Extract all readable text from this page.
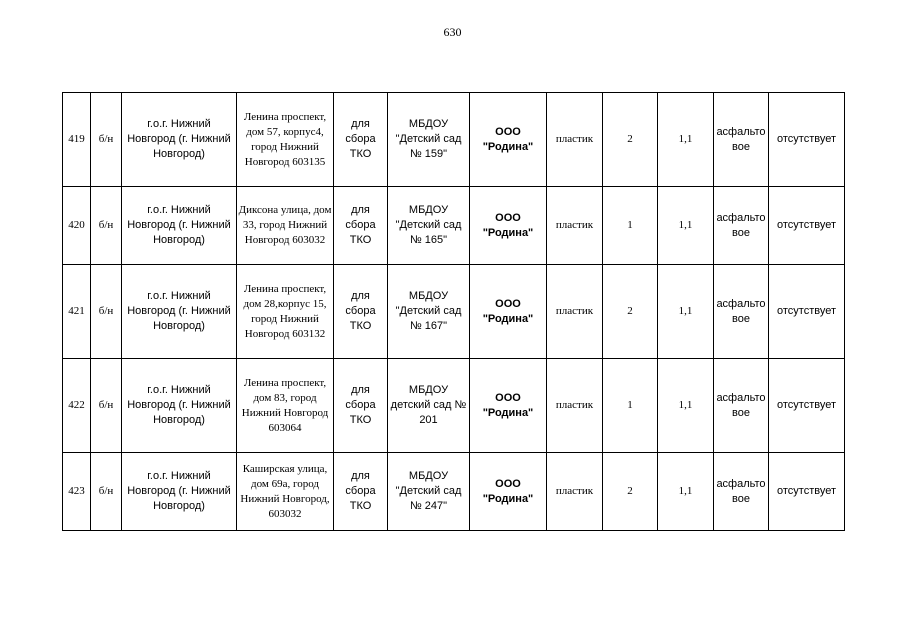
630
419	б/н	г.о.г. Нижний Новгород (г. Нижний Новгород)	Ленина проспект, дом 57, корпус4, город Нижний Новгород 603135	для сбора ТКО	МБДОУ "Детский сад № 159"	ООО "Родина"	пластик	2	1,1	асфальтовое	отсутствует
420	б/н	г.о.г. Нижний Новгород (г. Нижний Новгород)	Диксона улица, дом 33, город Нижний Новгород 603032	для сбора ТКО	МБДОУ "Детский сад № 165"	ООО "Родина"	пластик	1	1,1	асфальтовое	отсутствует
421	б/н	г.о.г. Нижний Новгород (г. Нижний Новгород)	Ленина проспект, дом 28,корпус 15, город Нижний Новгород 603132	для сбора ТКО	МБДОУ "Детский сад № 167"	ООО "Родина"	пластик	2	1,1	асфальтовое	отсутствует
422	б/н	г.о.г. Нижний Новгород (г. Нижний Новгород)	Ленина проспект, дом 83, город Нижний Новгород 603064	для сбора ТКО	МБДОУ детский сад № 201	ООО "Родина"	пластик	1	1,1	асфальтовое	отсутствует
423	б/н	г.о.г. Нижний Новгород (г. Нижний Новгород)	Каширская улица, дом 69а, город Нижний Новгород, 603032	для сбора ТКО	МБДОУ "Детский сад № 247"	ООО "Родина"	пластик	2	1,1	асфальтовое	отсутствует
